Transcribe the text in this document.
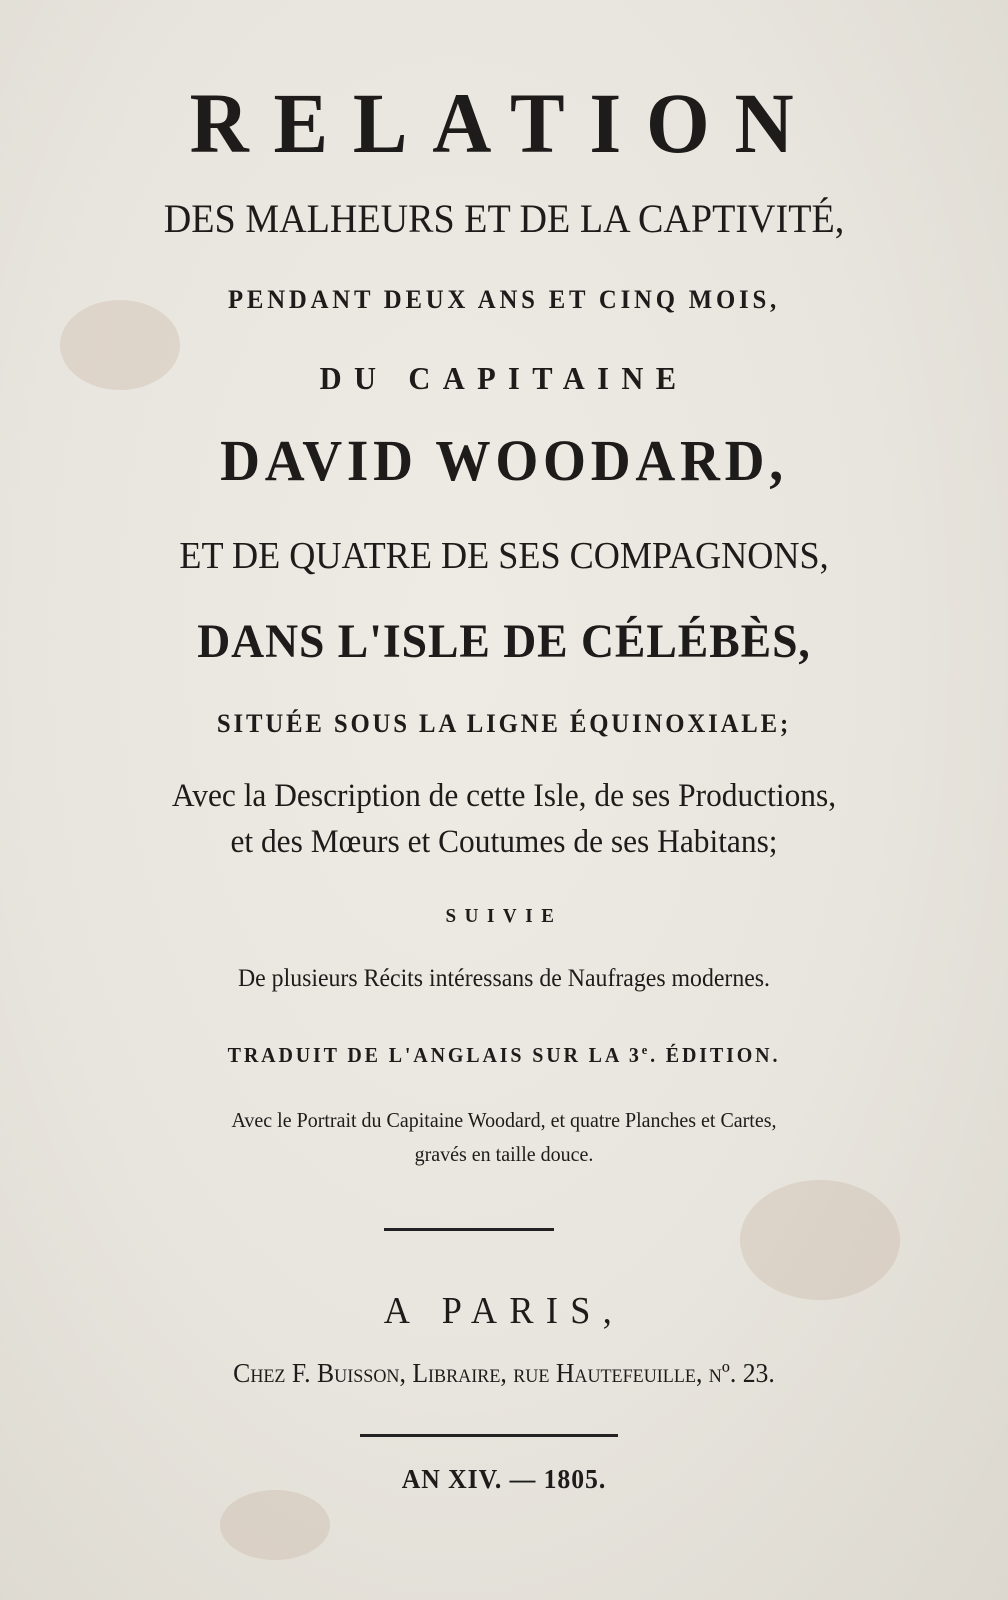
RELATION
DES MALHEURS ET DE LA CAPTIVITÉ,
PENDANT DEUX ANS ET CINQ MOIS,
DU CAPITAINE
DAVID WOODARD,
ET DE QUATRE DE SES COMPAGNONS,
DANS L'ISLE DE CÉLÉBÈS,
SITUÉE SOUS LA LIGNE ÉQUINOXIALE;
Avec la Description de cette Isle, de ses Productions,
et des Mœurs et Coutumes de ses Habitans;
SUIVIE
De plusieurs Récits intéressans de Naufrages modernes.
TRADUIT DE L'ANGLAIS SUR LA 3e. ÉDITION.
Avec le Portrait du Capitaine Woodard, et quatre Planches et Cartes,
gravés en taille douce.
A PARIS,
Chez F. Buisson, Libraire, rue Hautefeuille, nº. 23.
AN XIV. — 1805.
